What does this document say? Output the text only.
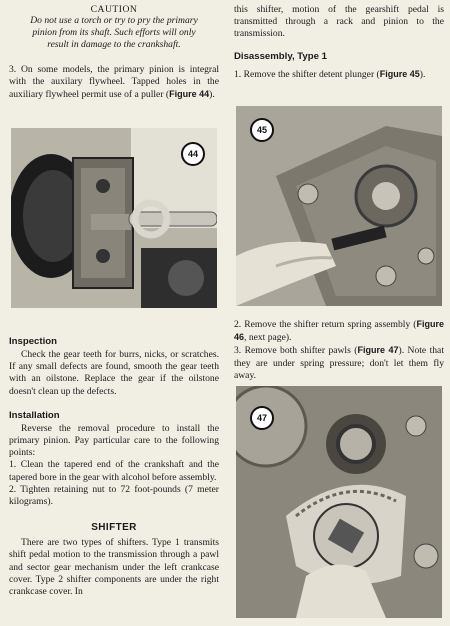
CAUTION

Do not use a torch or try to pry the primary pinion from its shaft. Such efforts will only result in damage to the crankshaft.

3. On some models, the primary pinion is integral with the auxilary flywheel. Tapped holes in the auxiliary flywheel permit use of a puller (Figure 44).

44
Inspection

Check the gear teeth for burrs, nicks, or scratches. If any small defects are found, smooth the gear teeth with an oilstone. Replace the gear if the oilstone doesn't clean up the defects.

Installation

Reverse the removal procedure to install the primary pinion. Pay particular care to the following points:

1. Clean the tapered end of the crankshaft and the tapered bore in the gear with alcohol before assembly.

2. Tighten retaining nut to 72 foot-pounds (7 meter kilograms).

SHIFTER

There are two types of shifters. Type 1 transmits shift pedal motion to the transmission through a pawl and sector gear mechanism under the left crankcase cover. Type 2 shifter components are under the right crankcase cover. In

this shifter, motion of the gearshift pedal is transmitted through a rack and pinion to the transmission.

Disassembly, Type 1

1. Remove the shifter detent plunger (Figure 45).

45

2. Remove the shifter return spring assembly (Figure 46, next page).

3. Remove both shifter pawls (Figure 47). Note that they are under spring pressure; don't let them fly away.

47
